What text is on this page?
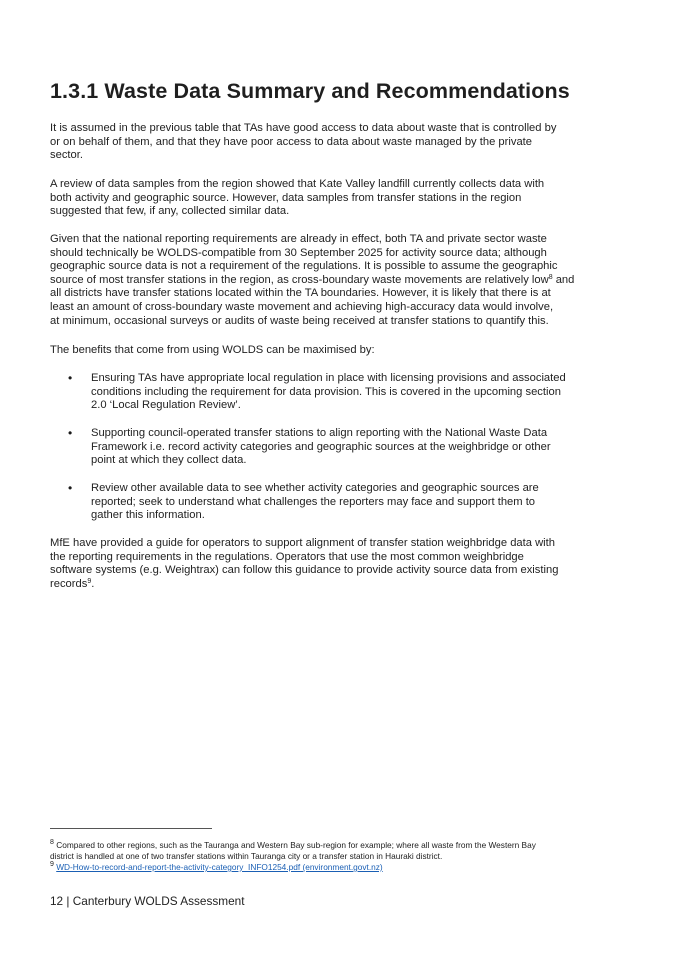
1.3.1 Waste Data Summary and Recommendations

It is assumed in the previous table that TAs have good access to data about waste that is controlled by
or on behalf of them, and that they have poor access to data about waste managed by the private
sector.

A review of data samples from the region showed that Kate Valley landfill currently collects data with
both activity and geographic source. However, data samples from transfer stations in the region
suggested that few, if any, collected similar data.

Given that the national reporting requirements are already in effect, both TA and private sector waste
should technically be WOLDS-compatible from 30 September 2025 for activity source data; although
geographic source data is not a requirement of the regulations. It is possible to assume the geographic
source of most transfer stations in the region, as cross-boundary waste movements are relatively low$^8$ and
all districts have transfer stations located within the TA boundaries. However, it is likely that there is at
least an amount of cross-boundary waste movement and achieving high-accuracy data would involve,
at minimum, occasional surveys or audits of waste being received at transfer stations to quantify this.

The benefits that come from using WOLDS can be maximised by:

•	Ensuring TAs have appropriate local regulation in place with licensing provisions and associated
conditions including the requirement for data provision. This is covered in the upcoming section
2.0 ‘Local Regulation Review’.

•	Supporting council-operated transfer stations to align reporting with the National Waste Data
Framework i.e. record activity categories and geographic sources at the weighbridge or other
point at which they collect data.

•	Review other available data to see whether activity categories and geographic sources are
reported; seek to understand what challenges the reporters may face and support them to
gather this information.

MfE have provided a guide for operators to support alignment of transfer station weighbridge data with
the reporting requirements in the regulations. Operators that use the most common weighbridge
software systems (e.g. Weightrax) can follow this guidance to provide activity source data from existing
records$^9$.

$^8$ Compared to other regions, such as the Tauranga and Western Bay sub-region for example; where all waste from the Western Bay
district is handled at one of two transfer stations within Tauranga city or a transfer station in Hauraki district.

$^9$ WD-How-to-record-and-report-the-activity-category_INFO1254.pdf (environment.govt.nz)

12 | Canterbury WOLDS Assessment
